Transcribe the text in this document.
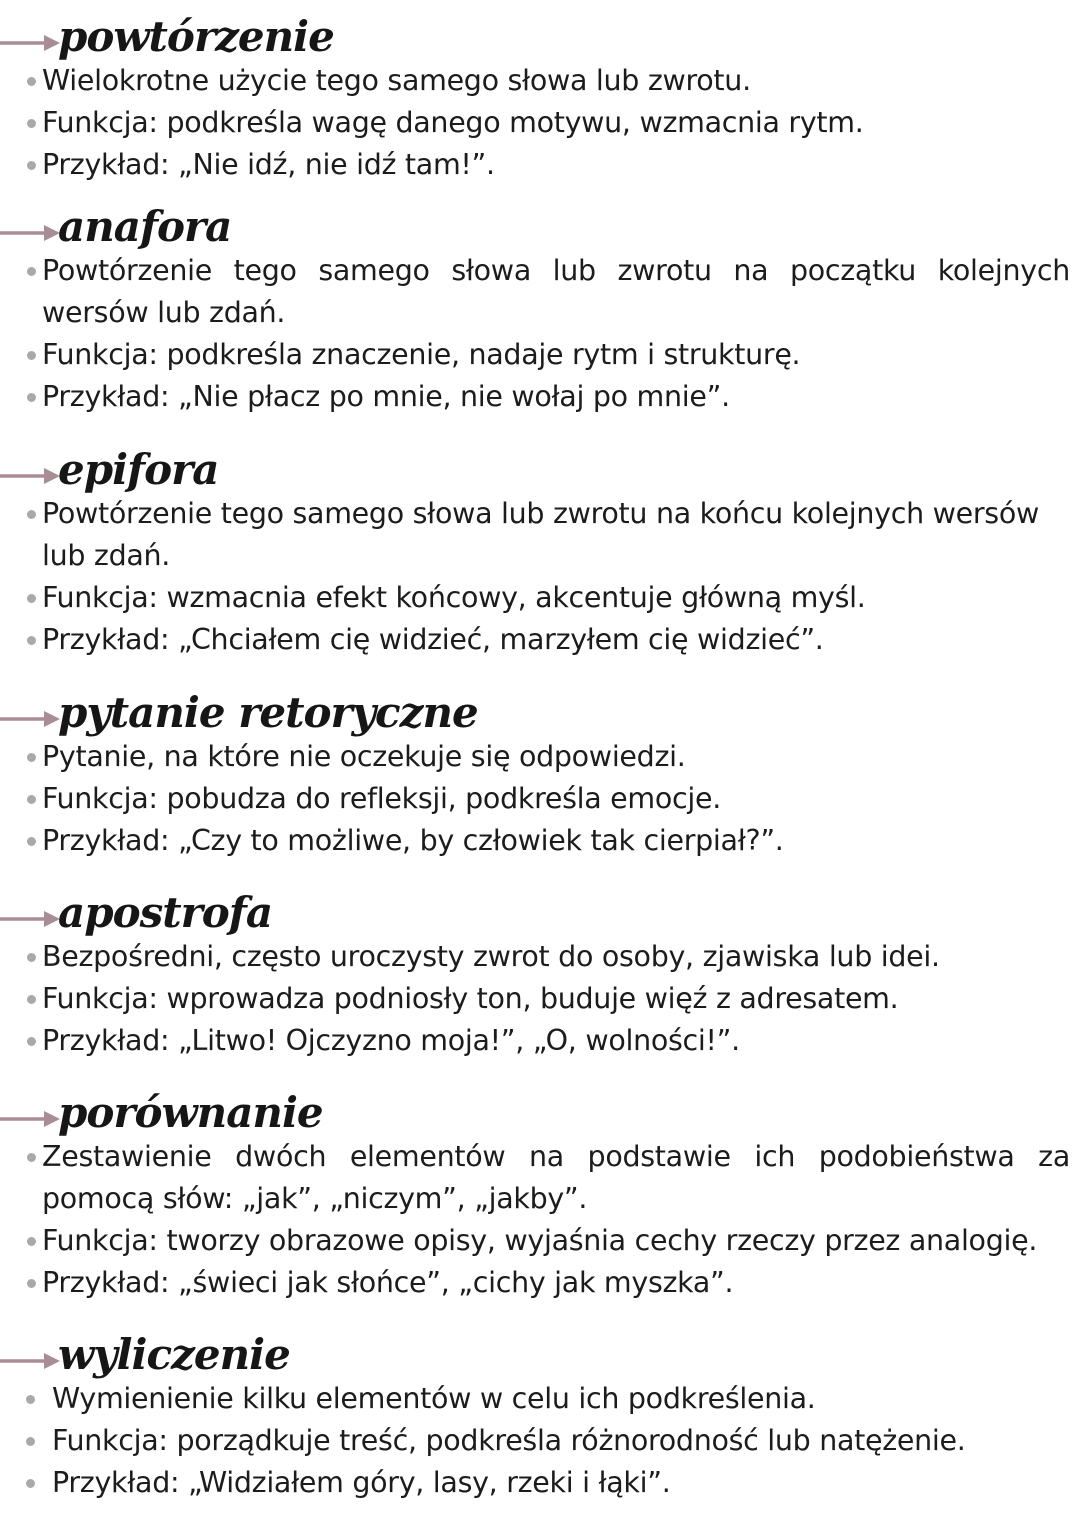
powtórzenie
Wielokrotne użycie tego samego słowa lub zwrotu.
Funkcja: podkreśla wagę danego motywu, wzmacnia rytm.
Przykład: „Nie idź, nie idź tam!”.
anafora
Powtórzenie tego samego słowa lub zwrotu na początku kolejnych wersów lub zdań.
Funkcja: podkreśla znaczenie, nadaje rytm i strukturę.
Przykład: „Nie płacz po mnie, nie wołaj po mnie”.
epifora
Powtórzenie tego samego słowa lub zwrotu na końcu kolejnych wersów lub zdań.
Funkcja: wzmacnia efekt końcowy, akcentuje główną myśl.
Przykład: „Chciałem cię widzieć, marzyłem cię widzieć”.
pytanie retoryczne
Pytanie, na które nie oczekuje się odpowiedzi.
Funkcja: pobudza do refleksji, podkreśla emocje.
Przykład: „Czy to możliwe, by człowiek tak cierpiał?”.
apostrofa
Bezpośredni, często uroczysty zwrot do osoby, zjawiska lub idei.
Funkcja: wprowadza podniosły ton, buduje więź z adresatem.
Przykład: „Litwo! Ojczyzno moja!”, „O, wolności!”.
porównanie
Zestawienie dwóch elementów na podstawie ich podobieństwa za pomocą słów: „jak”, „niczym”, „jakby”.
Funkcja: tworzy obrazowe opisy, wyjaśnia cechy rzeczy przez analogię.
Przykład: „świeci jak słońce”, „cichy jak myszka”.
wyliczenie
Wymienienie kilku elementów w celu ich podkreślenia.
Funkcja: porządkuje treść, podkreśla różnorodność lub natężenie.
Przykład: „Widziałem góry, lasy, rzeki i łąki”.
